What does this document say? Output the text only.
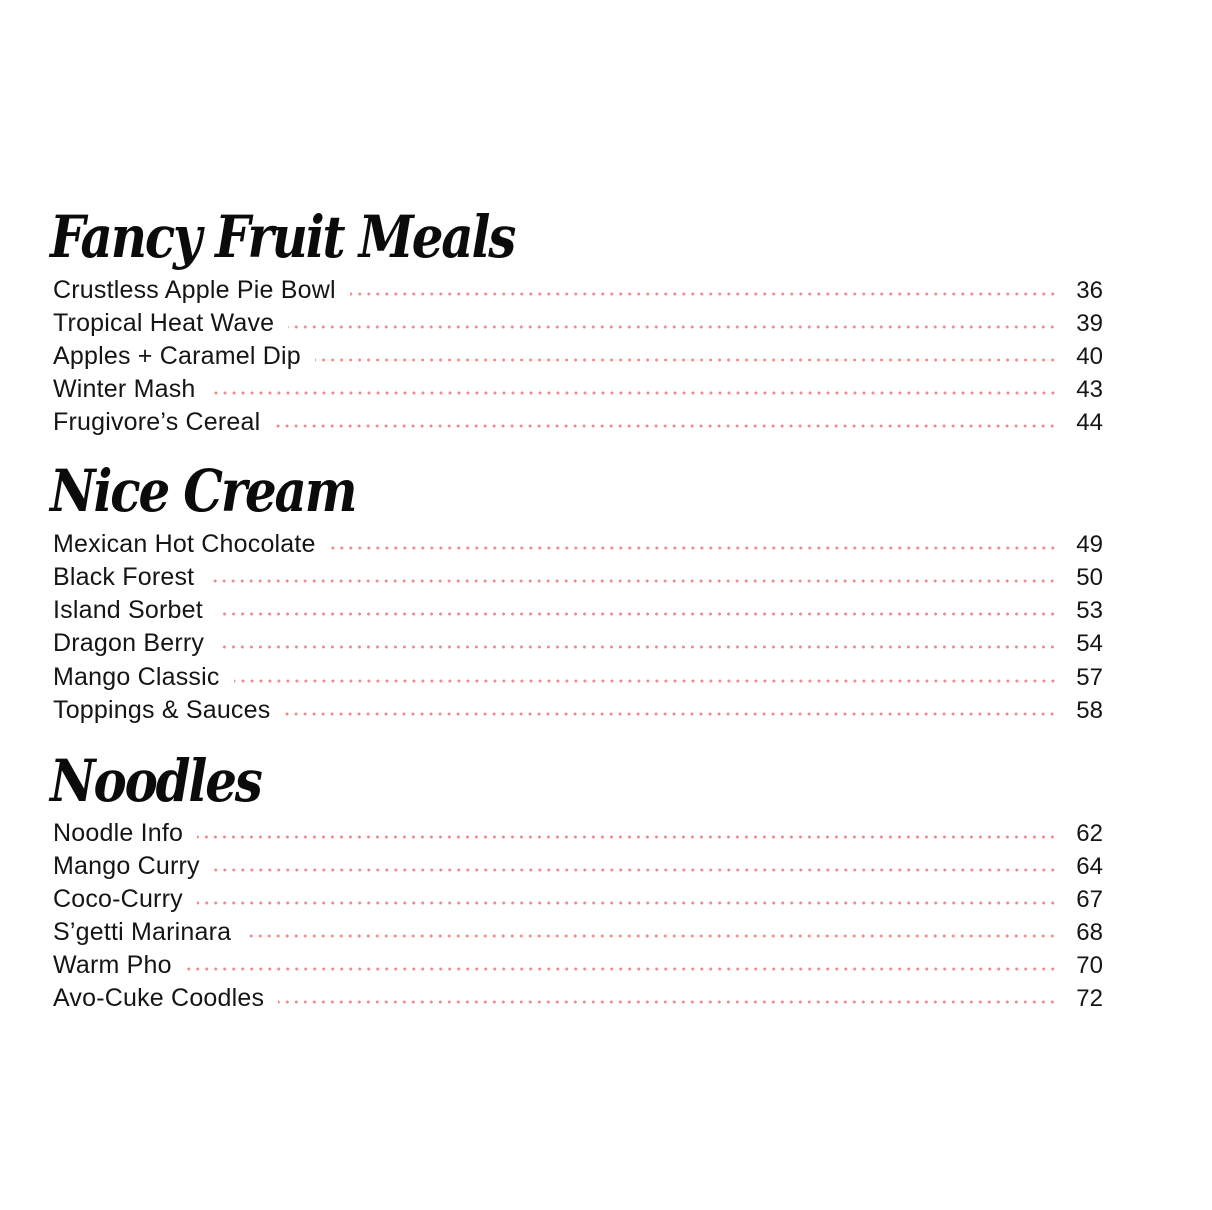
Fancy Fruit Meals
Crustless Apple Pie Bowl	36
Tropical Heat Wave	39
Apples + Caramel Dip	40
Winter Mash	43
Frugivore’s Cereal	44
Nice Cream
Mexican Hot Chocolate	49
Black Forest	50
Island Sorbet	53
Dragon Berry	54
Mango Classic	57
Toppings & Sauces	58
Noodles
Noodle Info	62
Mango Curry	64
Coco-Curry	67
S’getti Marinara	68
Warm Pho	70
Avo-Cuke Coodles	72
